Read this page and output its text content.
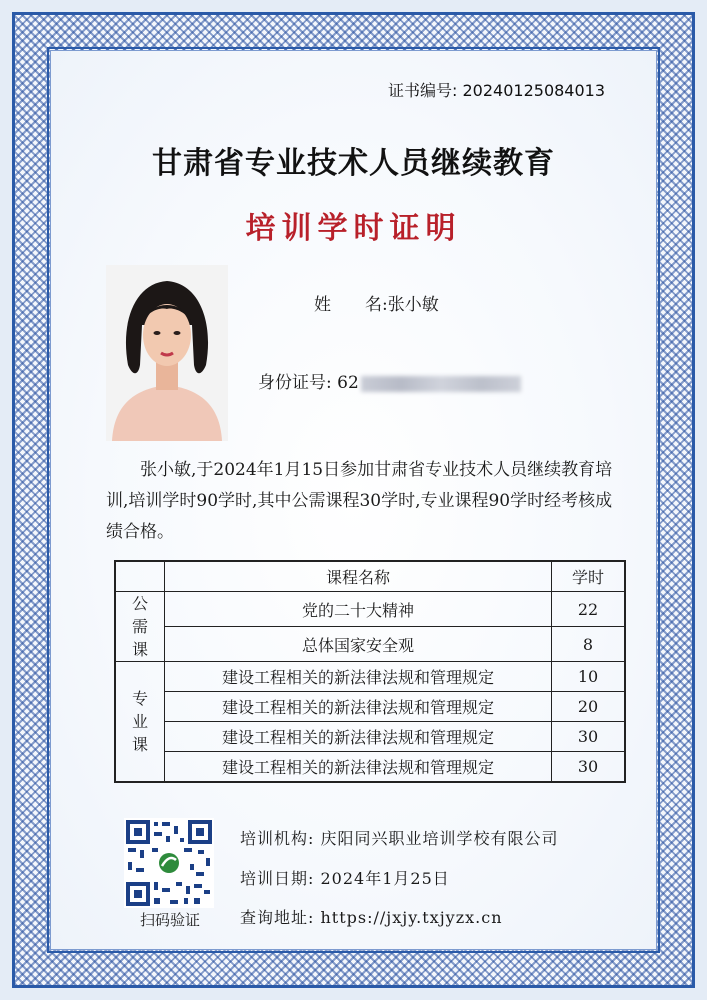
证书编号: 20240125084013
甘肃省专业技术人员继续教育
培训学时证明
姓　　名:张小敏
身份证号: 62
张小敏,于2024年1月15日参加甘肃省专业技术人员继续教育培训,培训学时90学时,其中公需课程30学时,专业课程90学时经考核成绩合格。
	课程名称	学时

公
需
课	党的二十大精神	22
	总体国家安全观	8

专
业
课	建设工程相关的新法律法规和管理规定	10
	建设工程相关的新法律法规和管理规定	20
	建设工程相关的新法律法规和管理规定	30
	建设工程相关的新法律法规和管理规定	30
扫码验证
培训机构: 庆阳同兴职业培训学校有限公司
培训日期: 2024年1月25日
查询地址: https://jxjy.txjyzx.cn
